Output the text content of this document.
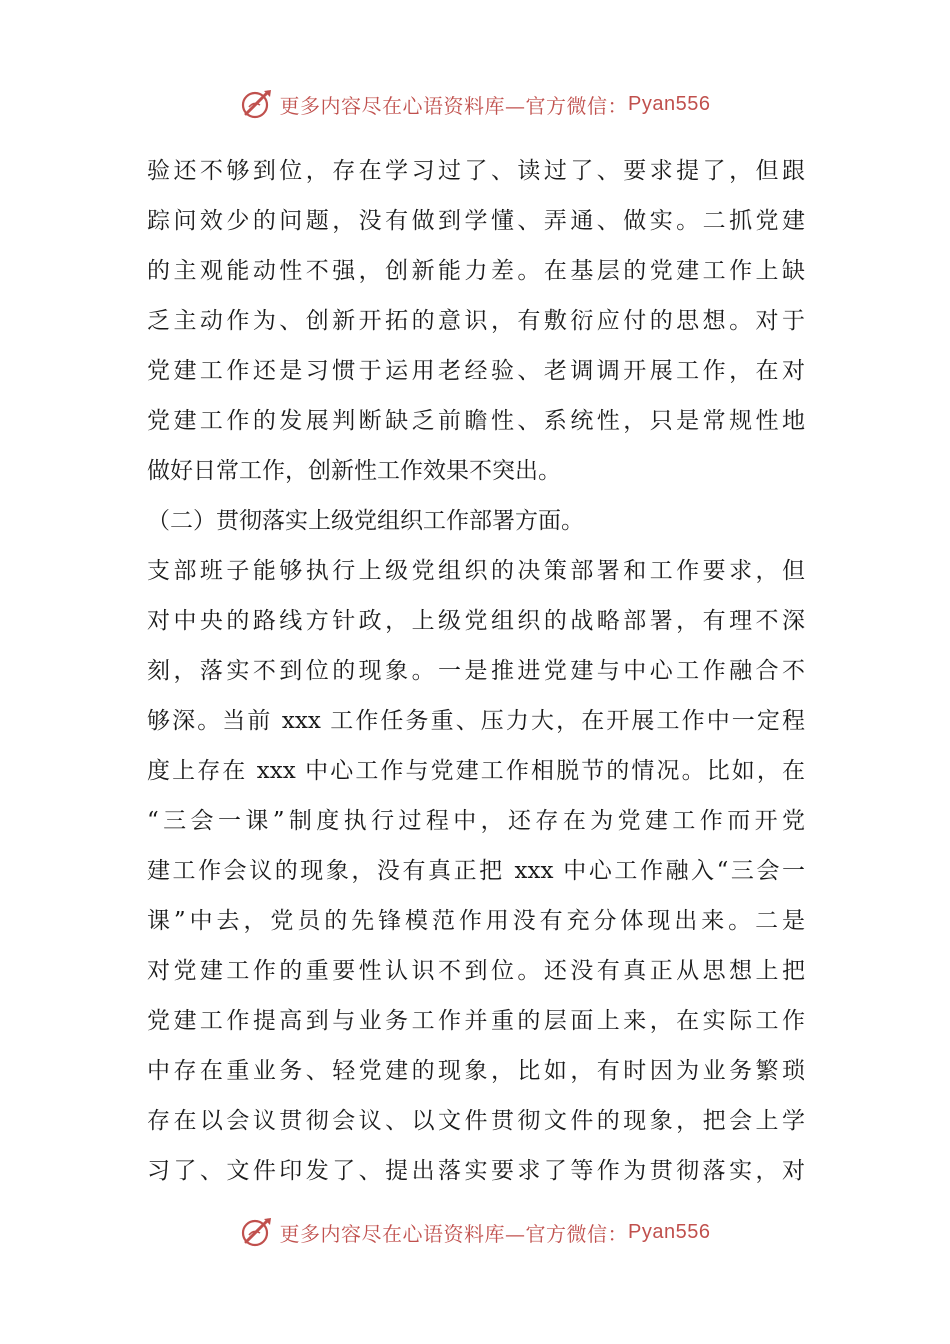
更多内容尽在心语资料库—官方微信： Pyan556
验还不够到位，存在学习过了、读过了、要求提了，但跟
踪问效少的问题，没有做到学懂、弄通、做实。二抓党建
的主观能动性不强，创新能力差。在基层的党建工作上缺
乏主动作为、创新开拓的意识，有敷衍应付的思想。对于
党建工作还是习惯于运用老经验、老调调开展工作，在对
党建工作的发展判断缺乏前瞻性、系统性，只是常规性地
做好日常工作，创新性工作效果不突出。
（二）贯彻落实上级党组织工作部署方面。
支部班子能够执行上级党组织的决策部署和工作要求，但
对中央的路线方针政，上级党组织的战略部署，有理不深
刻，落实不到位的现象。一是推进党建与中心工作融合不
够深。当前 xxx 工作任务重、压力大，在开展工作中一定程
度上存在 xxx 中心工作与党建工作相脱节的情况。比如，在
“三会一课”制度执行过程中，还存在为党建工作而开党
建工作会议的现象，没有真正把 xxx 中心工作融入“三会一
课”中去，党员的先锋模范作用没有充分体现出来。二是
对党建工作的重要性认识不到位。还没有真正从思想上把
党建工作提高到与业务工作并重的层面上来，在实际工作
中存在重业务、轻党建的现象，比如，有时因为业务繁琐
存在以会议贯彻会议、以文件贯彻文件的现象，把会上学
习了、文件印发了、提出落实要求了等作为贯彻落实，对
更多内容尽在心语资料库—官方微信： Pyan556
